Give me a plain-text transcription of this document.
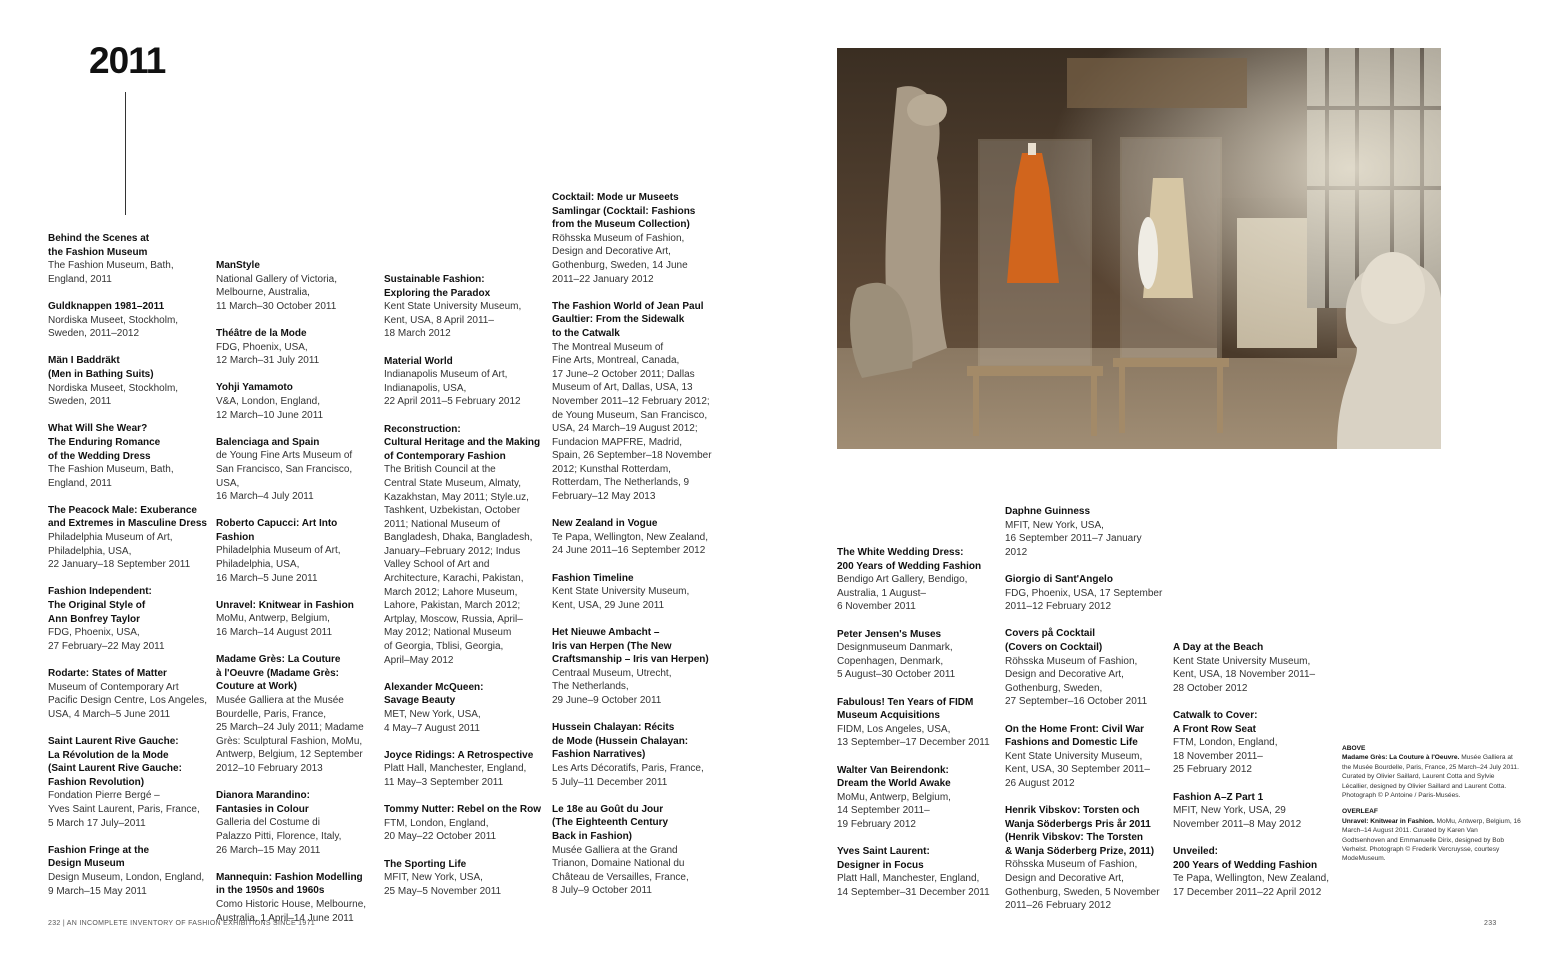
2011
Behind the Scenes at
the Fashion Museum
The Fashion Museum, Bath,
England, 2011
Guldknappen 1981–2011
Nordiska Museet, Stockholm,
Sweden, 2011–2012
Män I Baddräkt
(Men in Bathing Suits)
Nordiska Museet, Stockholm,
Sweden, 2011
What Will She Wear?
The Enduring Romance
of the Wedding Dress
The Fashion Museum, Bath,
England, 2011
The Peacock Male: Exuberance
and Extremes in Masculine Dress
Philadelphia Museum of Art,
Philadelphia, USA,
22 January–18 September 2011
Fashion Independent:
The Original Style of
Ann Bonfrey Taylor
FDG, Phoenix, USA,
27 February–22 May 2011
Rodarte: States of Matter
Museum of Contemporary Art
Pacific Design Centre, Los Angeles,
USA, 4 March–5 June 2011
Saint Laurent Rive Gauche:
La Révolution de la Mode
(Saint Laurent Rive Gauche:
Fashion Revolution)
Fondation Pierre Bergé –
Yves Saint Laurent, Paris, France,
5 March 17 July–2011
Fashion Fringe at the
Design Museum
Design Museum, London, England,
9 March–15 May 2011
ManStyle
National Gallery of Victoria,
Melbourne, Australia,
11 March–30 October 2011
Théâtre de la Mode
FDG, Phoenix, USA,
12 March–31 July 2011
Yohji Yamamoto
V&A, London, England,
12 March–10 June 2011
Balenciaga and Spain
de Young Fine Arts Museum of
San Francisco, San Francisco, USA,
16 March–4 July 2011
Roberto Capucci: Art Into Fashion
Philadelphia Museum of Art,
Philadelphia, USA,
16 March–5 June 2011
Unravel: Knitwear in Fashion
MoMu, Antwerp, Belgium,
16 March–14 August 2011
Madame Grès: La Couture
à l'Oeuvre (Madame Grès:
Couture at Work)
Musée Galliera at the Musée
Bourdelle, Paris, France,
25 March–24 July 2011; Madame
Grès: Sculptural Fashion, MoMu,
Antwerp, Belgium, 12 September
2012–10 February 2013
Dianora Marandino:
Fantasies in Colour
Galleria del Costume di
Palazzo Pitti, Florence, Italy,
26 March–15 May 2011
Mannequin: Fashion Modelling
in the 1950s and 1960s
Como Historic House, Melbourne,
Australia, 1 April–14 June 2011
Sustainable Fashion:
Exploring the Paradox
Kent State University Museum,
Kent, USA, 8 April 2011–
18 March 2012
Material World
Indianapolis Museum of Art,
Indianapolis, USA,
22 April 2011–5 February 2012
Reconstruction:
Cultural Heritage and the Making
of Contemporary Fashion
The British Council at the
Central State Museum, Almaty,
Kazakhstan, May 2011; Style.uz,
Tashkent, Uzbekistan, October
2011; National Museum of
Bangladesh, Dhaka, Bangladesh,
January–February 2012; Indus
Valley School of Art and
Architecture, Karachi, Pakistan,
March 2012; Lahore Museum,
Lahore, Pakistan, March 2012;
Artplay, Moscow, Russia, April–
May 2012; National Museum
of Georgia, Tblisi, Georgia,
April–May 2012
Alexander McQueen:
Savage Beauty
MET, New York, USA,
4 May–7 August 2011
Joyce Ridings: A Retrospective
Platt Hall, Manchester, England,
11 May–3 September 2011
Tommy Nutter: Rebel on the Row
FTM, London, England,
20 May–22 October 2011
The Sporting Life
MFIT, New York, USA,
25 May–5 November 2011
Cocktail: Mode ur Museets
Samlingar (Cocktail: Fashions
from the Museum Collection)
Röhsska Museum of Fashion,
Design and Decorative Art,
Gothenburg, Sweden, 14 June
2011–22 January 2012
The Fashion World of Jean Paul
Gaultier: From the Sidewalk
to the Catwalk
The Montreal Museum of
Fine Arts, Montreal, Canada,
17 June–2 October 2011; Dallas
Museum of Art, Dallas, USA, 13
November 2011–12 February 2012;
de Young Museum, San Francisco,
USA, 24 March–19 August 2012;
Fundacion MAPFRE, Madrid,
Spain, 26 September–18 November
2012; Kunsthal Rotterdam,
Rotterdam, The Netherlands, 9
February–12 May 2013
New Zealand in Vogue
Te Papa, Wellington, New Zealand,
24 June 2011–16 September 2012
Fashion Timeline
Kent State University Museum,
Kent, USA, 29 June 2011
Het Nieuwe Ambacht –
Iris van Herpen (The New
Craftsmanship – Iris van Herpen)
Centraal Museum, Utrecht,
The Netherlands,
29 June–9 October 2011
Hussein Chalayan: Récits
de Mode (Hussein Chalayan:
Fashion Narratives)
Les Arts Décoratifs, Paris, France,
5 July–11 December 2011
Le 18e au Goût du Jour
(The Eighteenth Century
Back in Fashion)
Musée Galliera at the Grand
Trianon, Domaine National du
Château de Versailles, France,
8 July–9 October 2011
The White Wedding Dress:
200 Years of Wedding Fashion
Bendigo Art Gallery, Bendigo,
Australia, 1 August–
6 November 2011
Peter Jensen's Muses
Designmuseum Danmark,
Copenhagen, Denmark,
5 August–30 October 2011
Fabulous! Ten Years of FIDM
Museum Acquisitions
FIDM, Los Angeles, USA,
13 September–17 December 2011
Walter Van Beirendonk:
Dream the World Awake
MoMu, Antwerp, Belgium,
14 September 2011–
19 February 2012
Yves Saint Laurent:
Designer in Focus
Platt Hall, Manchester, England,
14 September–31 December 2011
Daphne Guinness
MFIT, New York, USA,
16 September 2011–7 January 2012
Giorgio di Sant'Angelo
FDG, Phoenix, USA, 17 September
2011–12 February 2012
Covers på Cocktail
(Covers on Cocktail)
Röhsska Museum of Fashion,
Design and Decorative Art,
Gothenburg, Sweden,
27 September–16 October 2011
On the Home Front: Civil War
Fashions and Domestic Life
Kent State University Museum,
Kent, USA, 30 September 2011–
26 August 2012
Henrik Vibskov: Torsten och
Wanja Söderbergs Pris år 2011
(Henrik Vibskov: The Torsten
& Wanja Söderberg Prize, 2011)
Röhsska Museum of Fashion,
Design and Decorative Art,
Gothenburg, Sweden, 5 November
2011–26 February 2012
A Day at the Beach
Kent State University Museum,
Kent, USA, 18 November 2011–
28 October 2012
Catwalk to Cover:
A Front Row Seat
FTM, London, England,
18 November 2011–
25 February 2012
Fashion A–Z Part 1
MFIT, New York, USA, 29
November 2011–8 May 2012
Unveiled:
200 Years of Wedding Fashion
Te Papa, Wellington, New Zealand,
17 December 2011–22 April 2012

ABOVE
Madame Grès: La Couture à l'Oeuvre. Musée Galliera at the Musée Bourdelle, Paris, France, 25 March–24 July 2011. Curated by Olivier Saillard, Laurent Cotta and Sylvie Lécallier, designed by Olivier Saillard and Laurent Cotta. Photograph © P Antoine / Paris-Musées.

OVERLEAF
Unravel: Knitwear in Fashion. MoMu, Antwerp, Belgium, 16 March–14 August 2011. Curated by Karen Van Godtsenhoven and Emmanuelle Dirix, designed by Bob Verhelst. Photograph © Frederik Vercruysse, courtesy ModeMuseum.

232 | AN INCOMPLETE INVENTORY OF FASHION EXHIBITIONS SINCE 1971	233
